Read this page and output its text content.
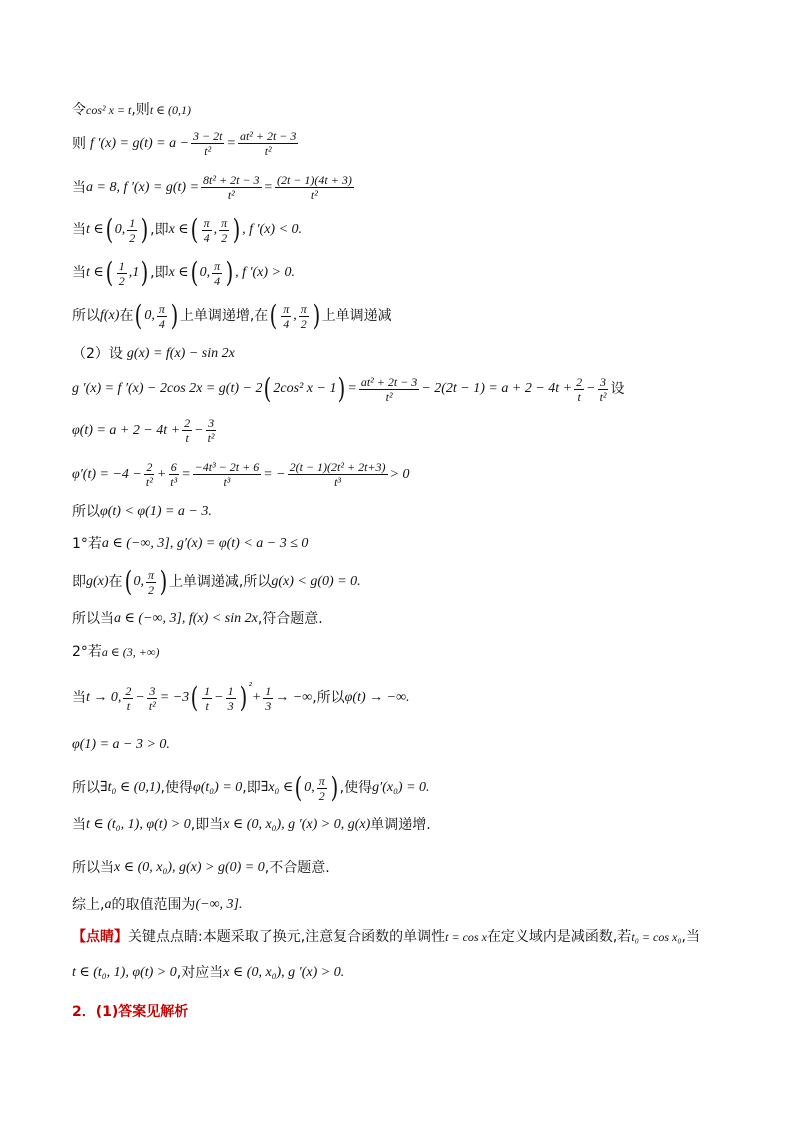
令 cos² x = t ,则 t ∈ (0,1)
则 f $'(x) = g(t) = a - \frac{3 - 2t}{\text{t²}} = \frac{\text{at² + 2t − 3}}{\text{t²}}$
当 a = 8, f $'(x) = g(t) = \frac{\text{8t² + 2t − 3}}{\text{t²}} = \frac{(2t - 1)(4t + 3)}{\text{t²}}$
当 t ∈ ( 0, $\frac{1}{2}$ ) ,即 x ∈ ( $\frac{\pi}{4}$ , $\frac{\pi}{2}$ ) , f ′(x) < 0.
当 t ∈ ( $\frac{1}{2} ,1$ ) ,即 x ∈ ( 0, $\frac{\pi}{4}$ ) , f ′(x) > 0.
所以 f(x) 在 ( 0, $\frac{\pi}{4}$ ) 上单调递增,在 ( $\frac{\pi}{4}$ , $\frac{\pi}{2}$ ) 上单调递减
（2）设 g(x) = f(x) − sin 2x
g ′(x) = f ′(x) − 2cos 2x = g(t) − 2 ( 2cos² x − 1 ) = $\frac{\text{at² + 2t − 3}}{\text{t²}} - 2(2t - 1) = a + 2 - 4t + \frac{2}{t} - \frac{3}{\text{t²}}$ 设
$\varphi(t) = a + 2 - 4t + \frac{2}{t} - \frac{3}{\text{t²}}$
$\varphi'(t) = -4 - \frac{2}{\text{t²}} + \frac{6}{\text{t³}} = \frac{\text{−4t³ − 2t + 6}}{\text{t³}}$ = − $\frac{\text{2(t − 1)(2t² + 2t+3)}}{\text{t³}} > 0$
所以 φ(t) < φ(1) = a − 3.
1°若 a ∈ (−∞, 3], g′(x) = φ(t) < a − 3 ≤ 0
即 g(x) 在 ( 0, $\frac{\pi}{2}$ ) 上单调递减,所以 g(x) < g(0) = 0.
所以当 a ∈ (−∞, 3], f(x) < sin 2x ,符合题意.
2°若 a ∈ (3, +∞)
当 t → 0, $\frac{2}{t} - \frac{3}{\text{t²}} = -3$ ( $\frac{1}{t} - \frac{1}{3}$ ) ²
+ $\frac{1}{3}$ → −∞ ,所以 φ(t) → −∞.
φ(1) = a − 3 > 0.
所以 ∃t₀ ∈ (0,1) ,使得 φ(t₀) = 0 ,即 ∃x₀ ∈ ( 0, $\frac{\pi}{2}$ ) ,使得 g′(x₀) = 0.
当 t ∈ (t₀, 1), φ(t) > 0 ,即当 x ∈ (0, x₀), g ′(x) > 0, g(x) 单调递增.
所以当 x ∈ (0, x₀), g(x) > g(0) = 0 ,不合题意.
综上, a 的取值范围为 (−∞, 3].
【点睛】 关键点点睛:本题采取了换元,注意复合函数的单调性 t = cos x 在定义域内是减函数,若 t₀ = cos x₀ ,当
t ∈ (t₀, 1), φ(t) > 0 ,对应当 x ∈ (0, x₀), g ′(x) > 0.
2．(1)答案见解析
